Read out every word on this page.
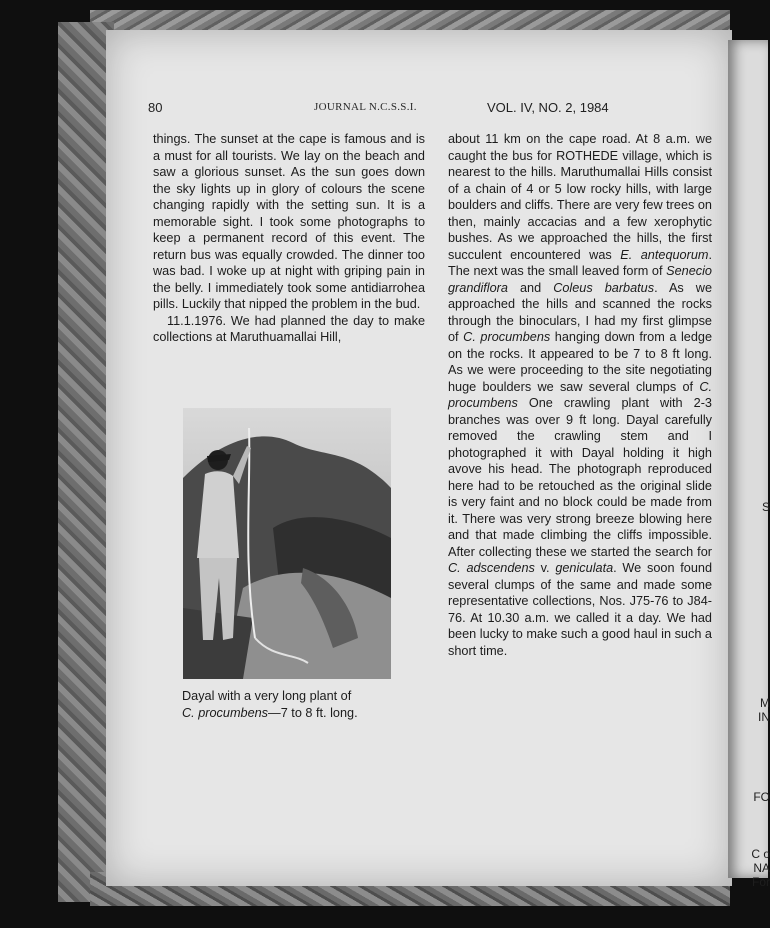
S
M
IN
FO
C o
NA
For
80	JOURNAL N.C.S.S.I.	VOL. IV, NO. 2, 1984

things. The sunset at the cape is famous and is a must for all tourists. We lay on the beach and saw a glorious sunset. As the sun goes down the sky lights up in glory of colours the scene changing rapidly with the setting sun. It is a memorable sight. I took some photographs to keep a permanent record of this event. The return bus was equally crowded. The dinner too was bad. I woke up at night with griping pain in the belly. I immediately took some antidiarrohea pills. Luckily that nipped the problem in the bud.

11.1.1976. We had planned the day to make collections at Maruthuamallai Hill,

Dayal with a very long plant of
C. procumbens—7 to 8 ft. long.

about 11 km on the cape road. At 8 a.m. we caught the bus for ROTHEDE village, which is nearest to the hills. Maruthumallai Hills consist of a chain of 4 or 5 low rocky hills, with large boulders and cliffs. There are very few trees on then, mainly accacias and a few xerophytic bushes. As we approached the hills, the first succulent encountered was E. antequorum. The next was the small leaved form of Senecio grandiflora and Coleus barbatus. As we approached the hills and scanned the rocks through the binoculars, I had my first glimpse of C. procumbens hanging down from a ledge on the rocks. It appeared to be 7 to 8 ft long. As we were proceeding to the site negotiating huge boulders we saw several clumps of C. procumbens One crawling plant with 2-3 branches was over 9 ft long. Dayal carefully removed the crawling stem and I photographed it with Dayal holding it high avove his head. The photograph reproduced here had to be retouched as the original slide is very faint and no block could be made from it. There was very strong breeze blowing here and that made climbing the cliffs impossible. After collecting these we started the search for C. adscendens v. geniculata. We soon found several clumps of the same and made some representative collections, Nos. J75-76 to J84-76. At 10.30 a.m. we called it a day. We had been lucky to make such a good haul in such a short time.
